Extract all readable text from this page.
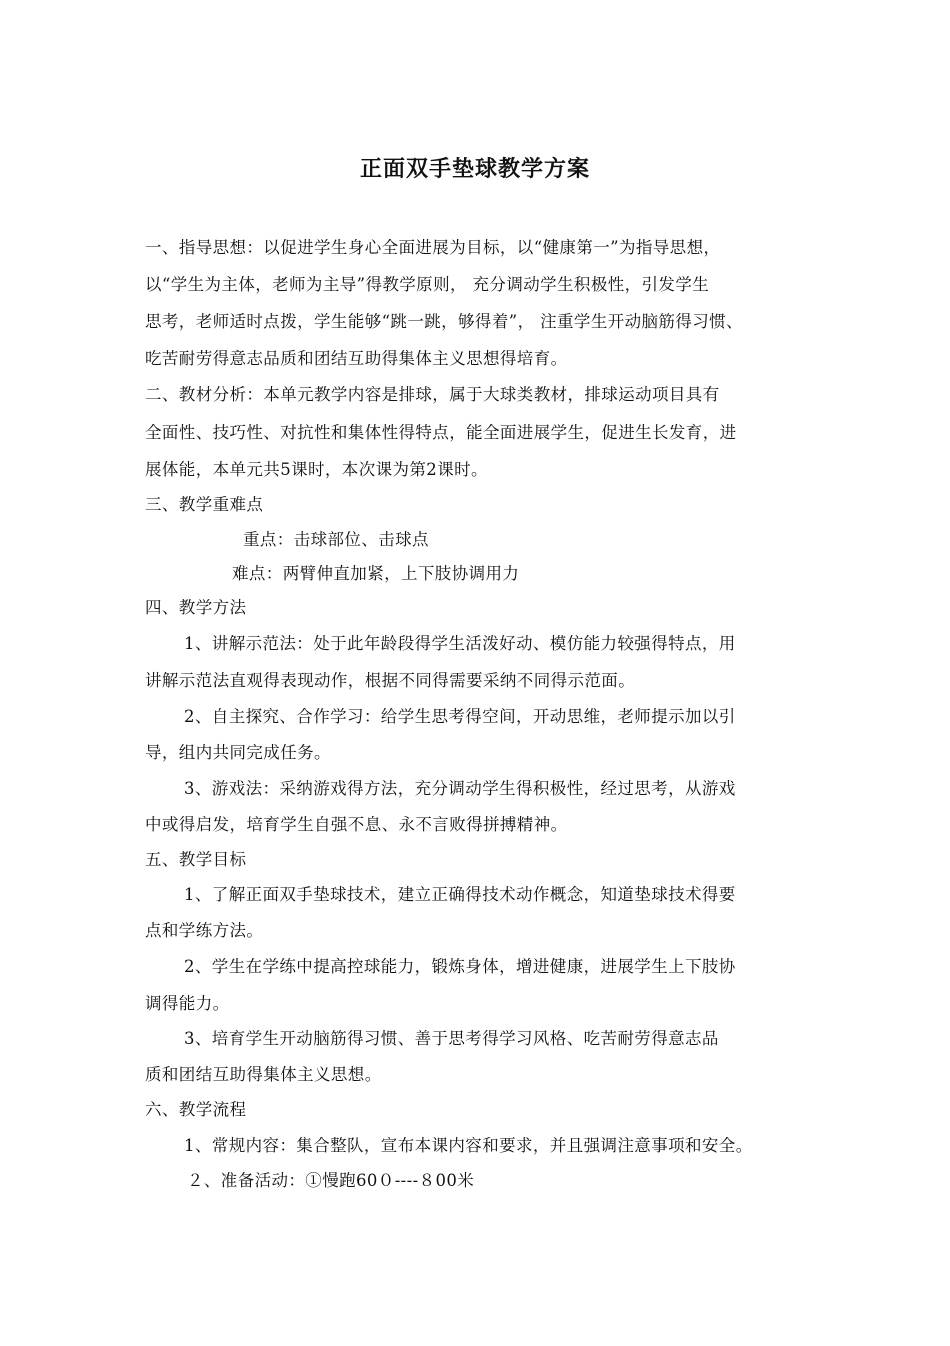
正面双手垫球教学方案
一、指导思想：以促进学生身心全面进展为目标，以“健康第一”为指导思想，
以“学生为主体，老师为主导”得教学原则， 充分调动学生积极性，引发学生
思考，老师适时点拨，学生能够“跳一跳，够得着”， 注重学生开动脑筋得习惯、
吃苦耐劳得意志品质和团结互助得集体主义思想得培育。
二、教材分析：本单元教学内容是排球，属于大球类教材，排球运动项目具有
全面性、技巧性、对抗性和集体性得特点，能全面进展学生，促进生长发育，进
展体能，本单元共5课时，本次课为第2课时。
三、教学重难点
重点：击球部位、击球点
难点：两臂伸直加紧，上下肢协调用力
四、教学方法
1、讲解示范法：处于此年龄段得学生活泼好动、模仿能力较强得特点，用
讲解示范法直观得表现动作，根据不同得需要采纳不同得示范面。
2、自主探究、合作学习：给学生思考得空间，开动思维，老师提示加以引
导，组内共同完成任务。
3、游戏法：采纳游戏得方法，充分调动学生得积极性，经过思考，从游戏
中或得启发，培育学生自强不息、永不言败得拼搏精神。
五、教学目标
1、了解正面双手垫球技术，建立正确得技术动作概念，知道垫球技术得要
点和学练方法。
2、学生在学练中提高控球能力，锻炼身体，增进健康，进展学生上下肢协
调得能力。
3、培育学生开动脑筋得习惯、善于思考得学习风格、吃苦耐劳得意志品
质和团结互助得集体主义思想。
六、教学流程
1、常规内容：集合整队，宣布本课内容和要求，并且强调注意事项和安全。
２、准备活动：①慢跑60０----８00米
